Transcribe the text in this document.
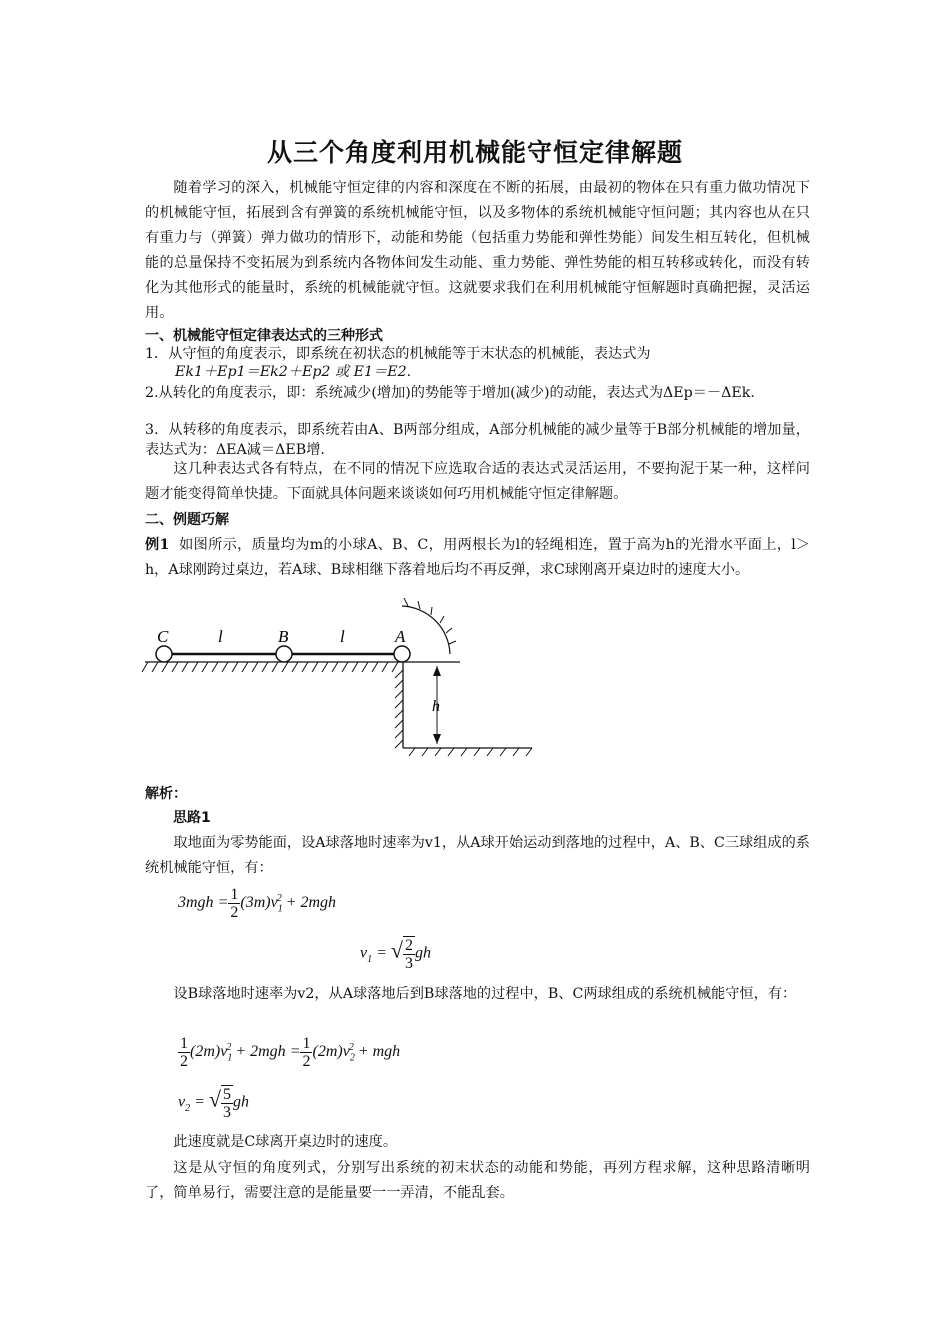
从三个角度利用机械能守恒定律解题
随着学习的深入，机械能守恒定律的内容和深度在不断的拓展，由最初的物体在只有重力做功情况下的机械能守恒，拓展到含有弹簧的系统机械能守恒，以及多物体的系统机械能守恒问题；其内容也从在只有重力与（弹簧）弹力做功的情形下，动能和势能（包括重力势能和弹性势能）间发生相互转化，但机械能的总量保持不变拓展为到系统内各物体间发生动能、重力势能、弹性势能的相互转移或转化，而没有转化为其他形式的能量时，系统的机械能就守恒。这就要求我们在利用机械能守恒解题时真确把握，灵活运用。
一、机械能守恒定律表达式的三种形式
1．从守恒的角度表示，即系统在初状态的机械能等于末状态的机械能，表达式为
Ek1＋Ep1＝Ek2＋Ep2 或 E1＝E2.
2.从转化的角度表示，即：系统减少(增加)的势能等于增加(减少)的动能，表达式为ΔEp＝－ΔEk.
3．从转移的角度表示，即系统若由A、B两部分组成，A部分机械能的减少量等于B部分机械能的增加量，表达式为：ΔEA减＝ΔEB增.
这几种表达式各有特点，在不同的情况下应选取合适的表达式灵活运用，不要拘泥于某一种，这样问题才能变得简单快捷。下面就具体问题来谈谈如何巧用机械能守恒定律解题。
二、例题巧解
例1 如图所示，质量均为m的小球A、B、C，用两根长为l的轻绳相连，置于高为h的光滑水平面上，l＞h，A球刚跨过桌边，若A球、B球相继下落着地后均不再反弹，求C球刚离开桌边时的速度大小。
C	l	B	l	A
h
解析：
思路1
取地面为零势能面，设A球落地时速率为v1，从A球开始运动到落地的过程中，A、B、C三球组成的系统机械能守恒，有：
$3mgh = \frac{1}{2} (3m)v_1^2 + 2mgh$
$v_1$ = √ $\frac{2}{3}$ gh
设B球落地时速率为v2，从A球落地后到B球落地的过程中，B、C两球组成的系统机械能守恒，有：
$\frac{1}{2} (2m)v_1^2 + 2mgh = \frac{1}{2} (2m)v_2^2$ + mgh
$v_2$ = √ $\frac{5}{3}$ gh
此速度就是C球离开桌边时的速度。
这是从守恒的角度列式，分别写出系统的初末状态的动能和势能，再列方程求解，这种思路清晰明了，简单易行，需要注意的是能量要一一弄清，不能乱套。
